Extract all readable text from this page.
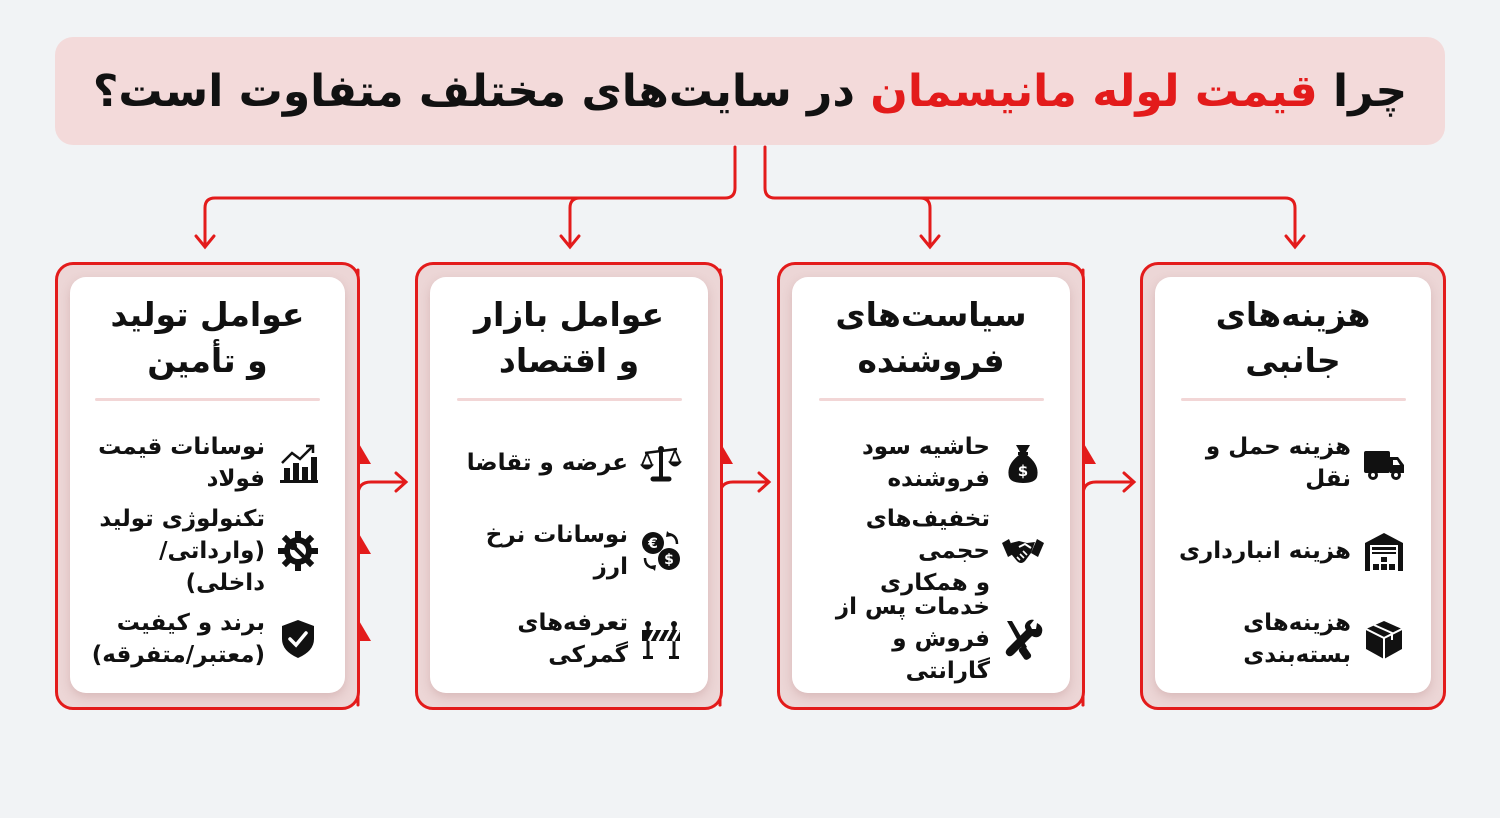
چرا قیمت لوله مانیسمان در سایت‌های مختلف متفاوت است؟
عوامل تولید
و تأمین
نوسانات قیمت
فولاد
تکنولوژی تولید
(وارداتی/داخلی)
برند و کیفیت
(معتبر/متفرقه)
عوامل بازار
و اقتصاد
عرضه و تقاضا
€
$
نوسانات نرخ ارز
تعرفه‌های گمرکی
سیاست‌های
فروشنده
$
حاشیه سود
فروشنده
تخفیف‌های حجمی
و همکاری
خدمات پس از
فروش و گارانتی
هزینه‌های
جانبی
هزینه حمل و نقل
هزینه انبارداری
هزینه‌های بسته‌بندی
